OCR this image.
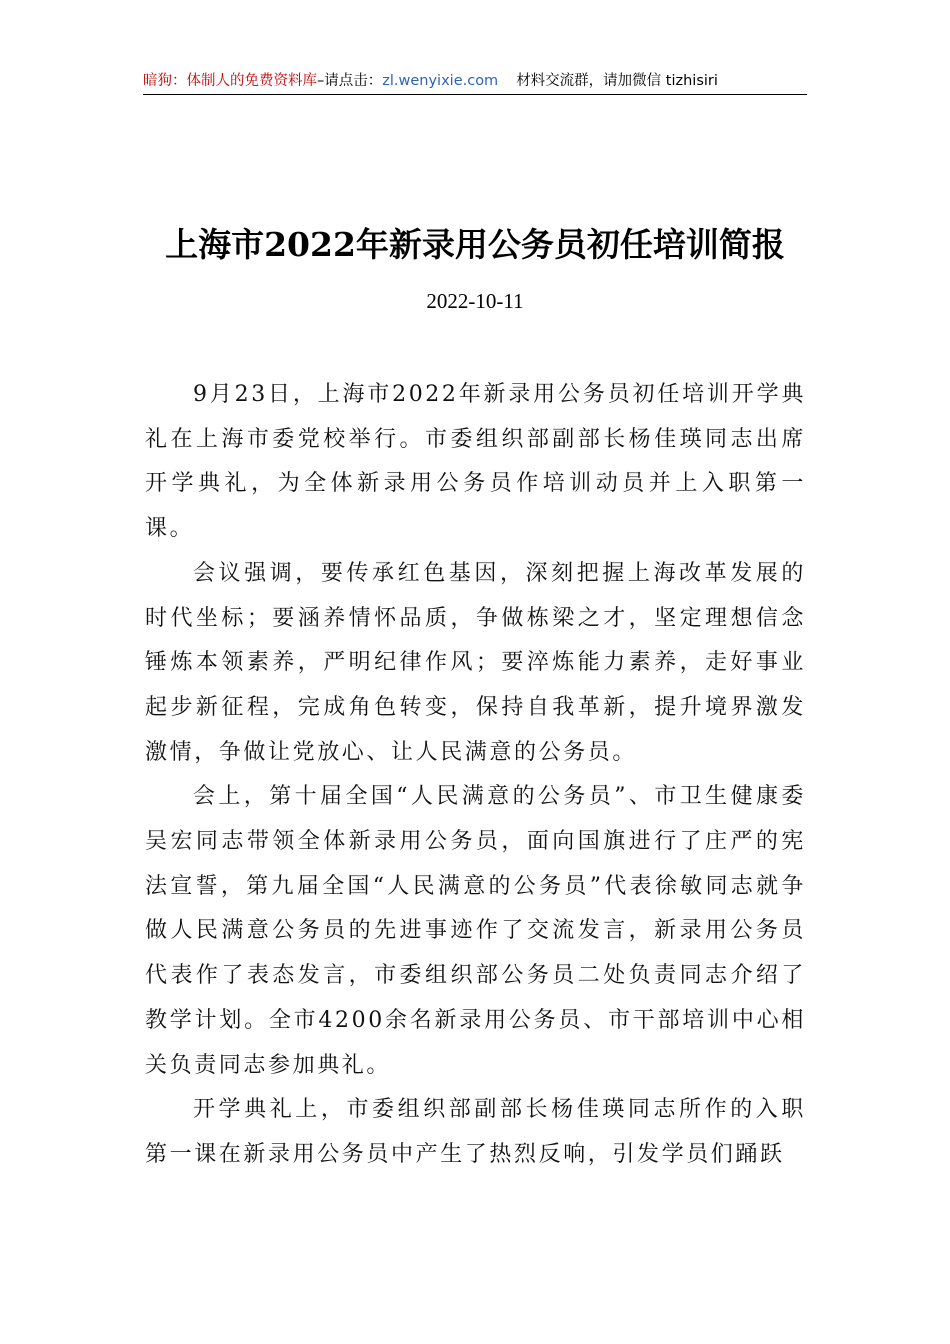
暗狗：体制人的免费资料库–请点击：zl.wenyixie.com 材料交流群，请加微信 tizhisiri
上海市2022年新录用公务员初任培训简报
2022-10-11

9月23日，上海市2022年新录用公务员初任培训开学典礼在上海市委党校举行。市委组织部副部长杨佳瑛同志出席开学典礼，为全体新录用公务员作培训动员并上入职第一课。

会议强调，要传承红色基因，深刻把握上海改革发展的时代坐标；要涵养情怀品质，争做栋梁之才，坚定理想信念锤炼本领素养，严明纪律作风；要淬炼能力素养，走好事业起步新征程，完成角色转变，保持自我革新，提升境界激发激情，争做让党放心、让人民满意的公务员。

会上，第十届全国“人民满意的公务员”、市卫生健康委吴宏同志带领全体新录用公务员，面向国旗进行了庄严的宪法宣誓，第九届全国“人民满意的公务员”代表徐敏同志就争做人民满意公务员的先进事迹作了交流发言，新录用公务员代表作了表态发言，市委组织部公务员二处负责同志介绍了教学计划。全市4200余名新录用公务员、市干部培训中心相关负责同志参加典礼。

开学典礼上，市委组织部副部长杨佳瑛同志所作的入职第一课在新录用公务员中产生了热烈反响，引发学员们踊跃
